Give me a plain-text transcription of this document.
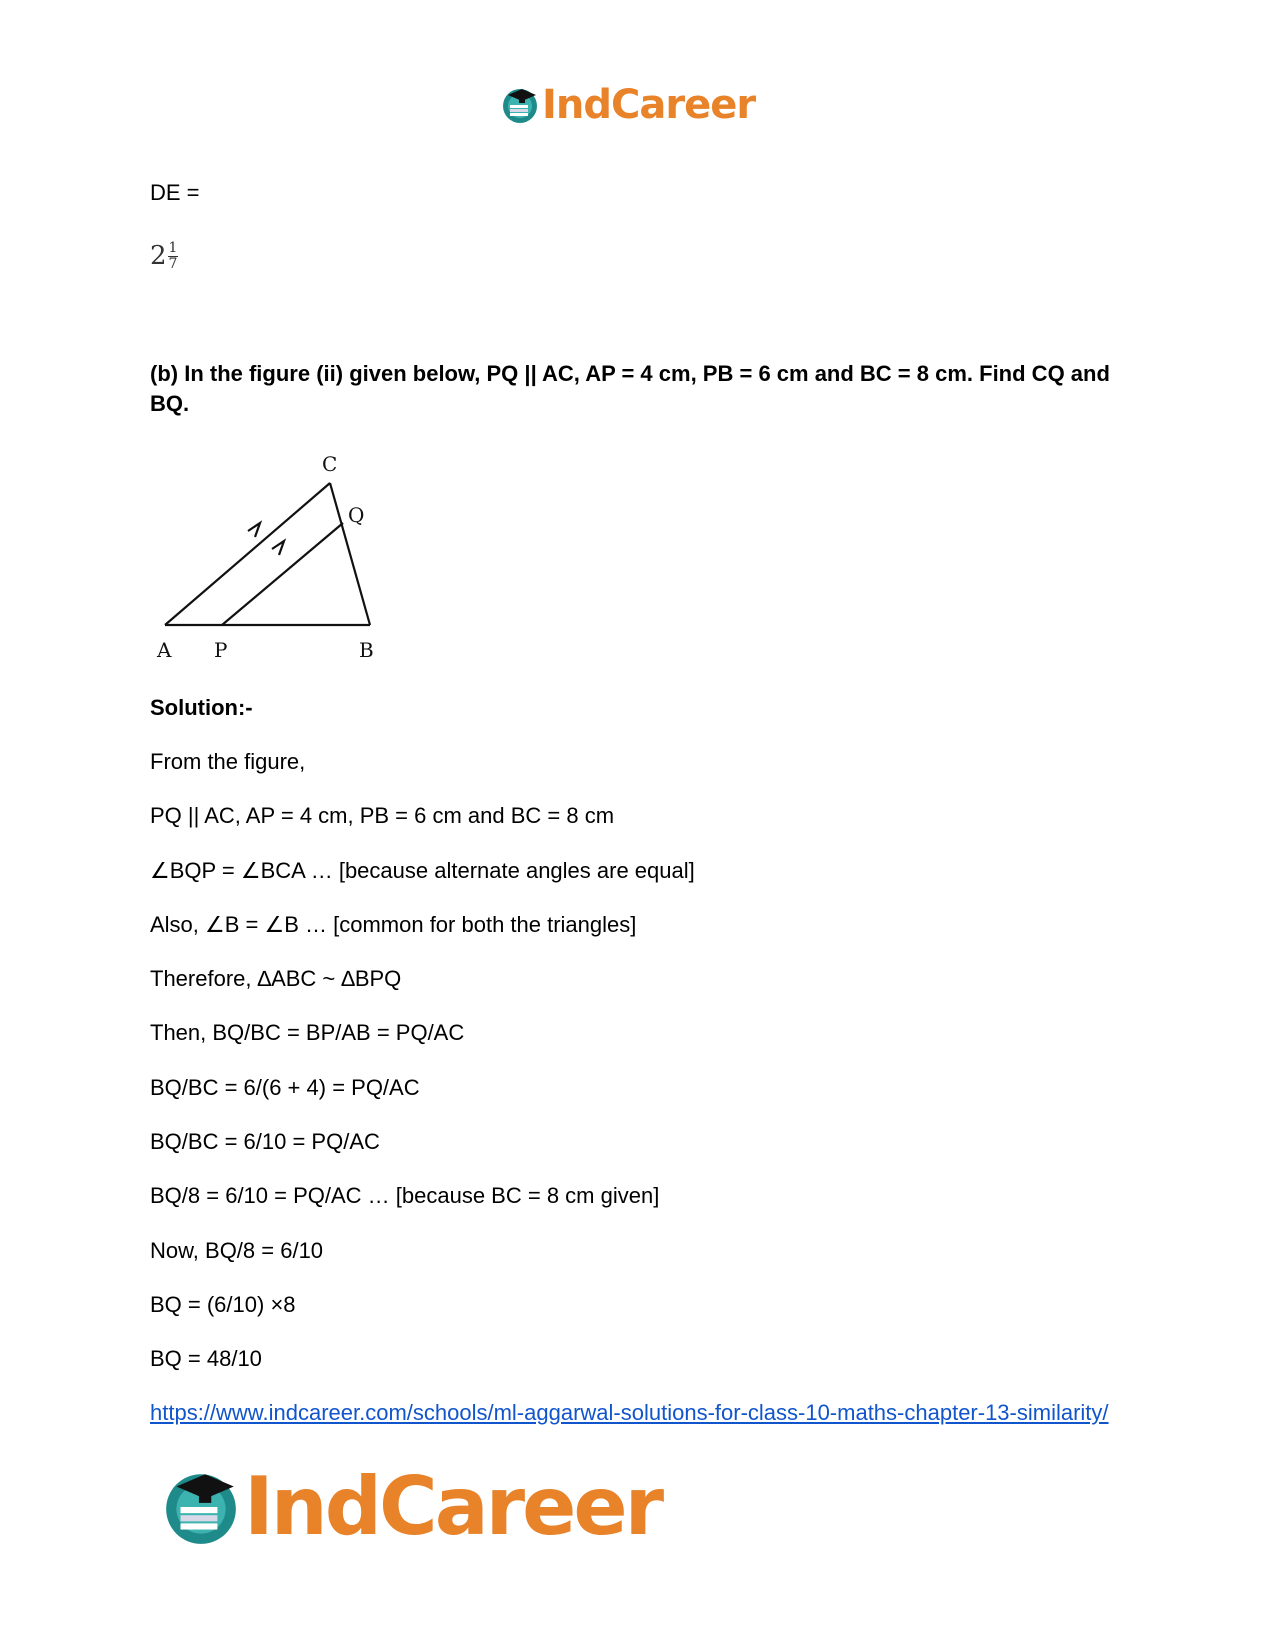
IndCareer
DE =
$2 \frac{1}{7}$
(b) In the figure (ii) given below, PQ || AC, AP = 4 cm, PB = 6 cm and BC = 8 cm. Find CQ and BQ.
C
Q
A P	B
Solution:-
From the figure,
PQ || AC, AP = 4 cm, PB = 6 cm and BC = 8 cm
∠BQP = ∠BCA … [because alternate angles are equal]
Also, ∠B = ∠B … [common for both the triangles]
Therefore, ∆ABC ~ ∆BPQ
Then, BQ/BC = BP/AB = PQ/AC
BQ/BC = 6/(6 + 4) = PQ/AC
BQ/BC = 6/10 = PQ/AC
BQ/8 = 6/10 = PQ/AC … [because BC = 8 cm given]
Now, BQ/8 = 6/10
BQ = (6/10) ×8
BQ = 48/10
https://www.indcareer.com/schools/ml-aggarwal-solutions-for-class-10-maths-chapter-13-similarity/
IndCareer
